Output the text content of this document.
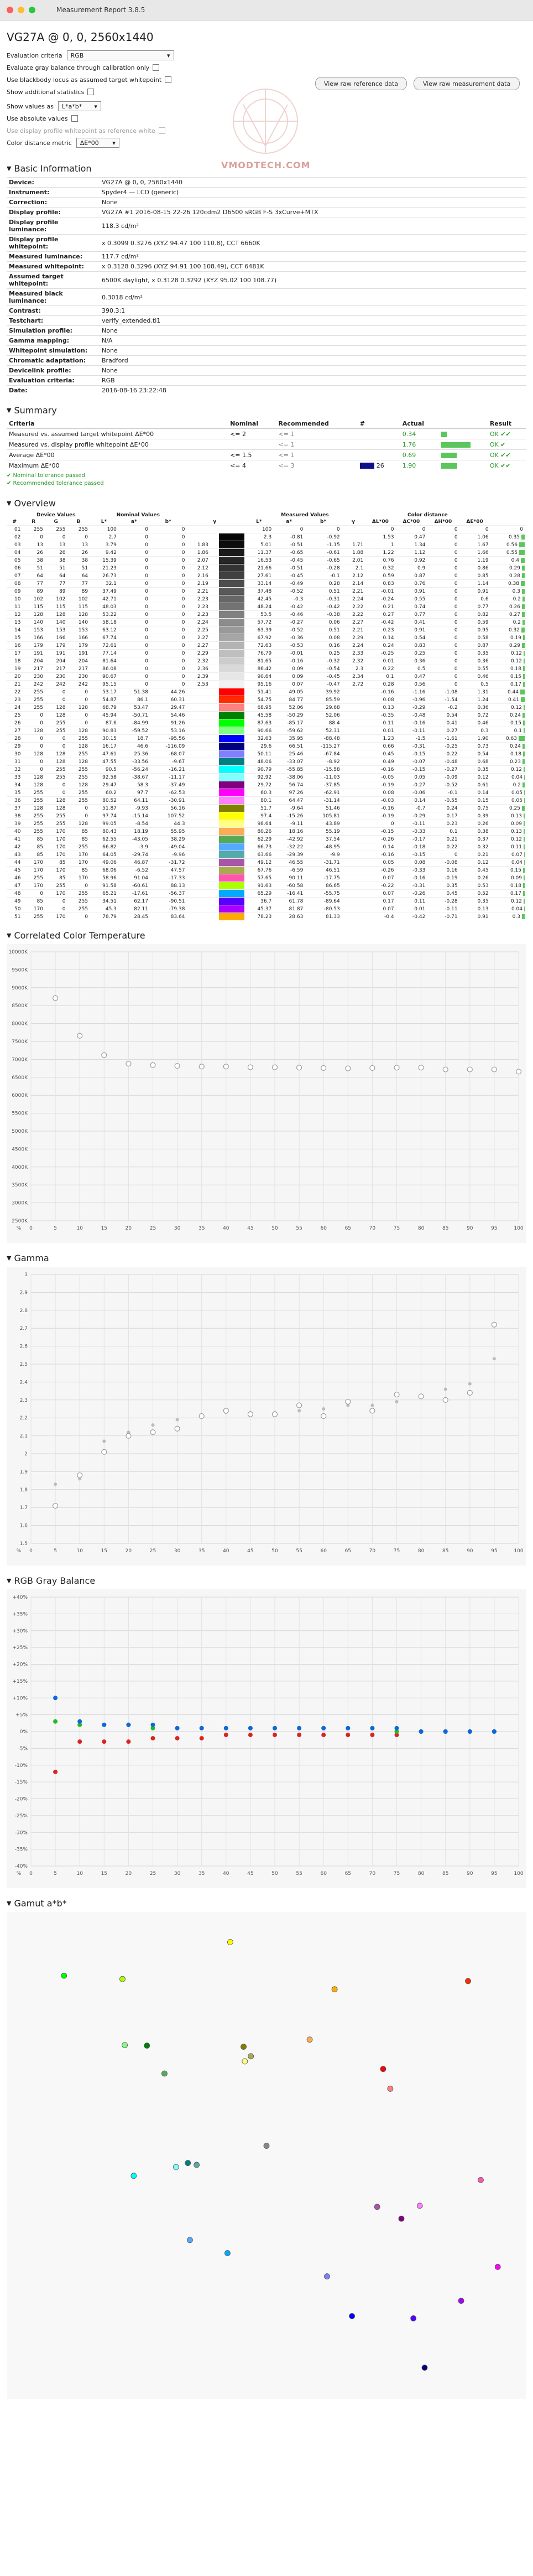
Measurement Report 3.8.5
VG27A @ 0, 0, 2560x1440
Evaluation criteria RGB	▾
Evaluate gray balance through calibration only
Use blackbody locus as assumed target whitepoint
Show additional statistics
Show values as L*a*b* ▾
Use absolute values
Use display profile whitepoint as reference white
Color distance metric ΔE*00 ▾
View raw reference data	View raw measurement data
VMODTECH.COM
▼ Basic Information
Device:	VG27A @ 0, 0, 2560x1440
Instrument:	Spyder4 — LCD (generic)
Correction:	None
Display profile:	VG27A #1 2016-08-15 22-26 120cdm2 D6500 sRGB F-S 3xCurve+MTX
Display profile luminance:	118.3 cd/m²
Display profile whitepoint:	x 0.3099 0.3276 (XYZ 94.47 100 110.8), CCT 6660K
Measured luminance:	117.7 cd/m²
Measured whitepoint:	x 0.3128 0.3296 (XYZ 94.91 100 108.49), CCT 6481K
Assumed target whitepoint:	6500K daylight, x 0.3128 0.3292 (XYZ 95.02 100 108.77)
Measured black luminance:	0.3018 cd/m²
Contrast:	390.3:1
Testchart:	verify_extended.ti1
Simulation profile:	None
Gamma mapping:	N/A
Whitepoint simulation:	None
Chromatic adaptation:	Bradford
Devicelink profile:	None
Evaluation criteria:	RGB
Date:	2016-08-16 23:22:48
▼ Summary
Criteria	Nominal	Recommended	#	Actual		Result
Measured vs. assumed target whitepoint ΔE*00	<= 2	<= 1		0.34		OK ✔✔
Measured vs. display profile whitepoint ΔE*00		<= 1		1.76		OK ✔
Average ΔE*00	<= 1.5	<= 1		0.69		OK ✔✔
Maximum ΔE*00	<= 4	<= 3	26	1.90		OK ✔✔
✔ Nominal tolerance passed
✔ Recommended tolerance passed
▼ Overview
	Device Values			Nominal Values						Measured Values				Color distance				
#	R	G	B	L*	a*	b*		γ		L*	a*	b*	γ	ΔL*00	ΔC*00	ΔH*00	ΔE*00	
01	255	255	255	100	0	0				100	0	0		0	0	0	0	0
02	0	0	0	2.7	0	0				2.3	-0.81	-0.92		1.53	0.47	0	1.06	0.35
03	13	13	13	3.79	0	0	1.83			5.01	-0.51	-1.15	1.71	1	1.34	0	1.67	0.56
04	26	26	26	9.42	0	0	1.86			11.37	-0.65	-0.61	1.88	1.22	1.12	0	1.66	0.55
05	38	38	38	15.39	0	0	2.07			16.53	-0.45	-0.65	2.01	0.76	0.92	0	1.19	0.4
06	51	51	51	21.23	0	0	2.12			21.66	-0.51	-0.28	2.1	0.32	0.9	0	0.86	0.29
07	64	64	64	26.73	0	0	2.16			27.61	-0.45	-0.1	2.12	0.59	0.87	0	0.85	0.28
08	77	77	77	32.1	0	0	2.19			33.14	-0.49	0.28	2.14	0.83	0.76	0	1.14	0.38
09	89	89	89	37.49	0	0	2.21			37.48	-0.52	0.51	2.21	-0.01	0.91	0	0.91	0.3
10	102	102	102	42.71	0	0	2.23			42.45	-0.3	-0.31	2.24	-0.24	0.55	0	0.6	0.2
11	115	115	115	48.03	0	0	2.23			48.24	-0.42	-0.42	2.22	0.21	0.74	0	0.77	0.26
12	128	128	128	53.22	0	0	2.23			53.5	-0.46	-0.38	2.22	0.27	0.77	0	0.82	0.27
13	140	140	140	58.18	0	0	2.24			57.72	-0.27	0.06	2.27	-0.42	0.41	0	0.59	0.2
14	153	153	153	63.12	0	0	2.25			63.39	-0.52	0.51	2.21	0.23	0.91	0	0.95	0.32
15	166	166	166	67.74	0	0	2.27			67.92	-0.36	0.08	2.29	0.14	0.54	0	0.58	0.19
16	179	179	179	72.61	0	0	2.27			72.63	-0.53	0.16	2.24	0.24	0.83	0	0.87	0.29
17	191	191	191	77.14	0	0	2.29			76.79	-0.01	0.25	2.33	-0.25	0.25	0	0.35	0.12
18	204	204	204	81.64	0	0	2.32			81.65	-0.16	-0.32	2.32	0.01	0.36	0	0.36	0.12
19	217	217	217	86.08	0	0	2.36			86.42	0.09	-0.54	2.3	0.22	0.5	0	0.55	0.18
20	230	230	230	90.67	0	0	2.39			90.64	0.09	-0.45	2.34	0.1	0.47	0	0.46	0.15
21	242	242	242	95.15	0	0	2.53			95.16	0.07	-0.47	2.72	0.28	0.56	0	0.5	0.17
22	255	0	0	53.17	51.38	44.26				51.41	49.05	39.92		-0.16	-1.16	-1.08	1.31	0.44
23	255	0	0	54.87	86.1	60.31				54.75	84.77	85.59		0.08	-0.96	-1.54	1.24	0.41
24	255	128	128	68.79	53.47	29.47				68.95	52.06	29.68		0.13	-0.29	-0.2	0.36	0.12
25	0	128	0	45.94	-50.71	54.46				45.58	-50.29	52.06		-0.35	-0.48	0.54	0.72	0.24
26	0	255	0	87.6	-84.99	91.26				87.63	-85.17	88.4		0.11	-0.16	0.41	0.46	0.15
27	128	255	128	90.83	-59.52	53.16				90.66	-59.62	52.31		0.01	-0.11	0.27	0.3	0.1
28	0	0	255	30.15	18.7	-95.56				32.63	35.95	-88.48		1.23	-1.5	-1.61	1.90	0.63
29	0	0	128	16.17	46.6	-116.09				29.6	66.51	-115.27		0.66	-0.31	-0.25	0.73	0.24
30	128	128	255	47.61	25.36	-68.07				50.11	25.46	-67.84		0.45	-0.15	0.22	0.54	0.18
31	0	128	128	47.55	-33.56	-9.67				48.06	-33.07	-8.92		0.49	-0.07	-0.48	0.68	0.23
32	0	255	255	90.5	-56.24	-16.21				90.79	-55.85	-15.58		-0.16	-0.15	-0.27	0.35	0.12
33	128	255	255	92.58	-38.67	-11.17				92.92	-38.06	-11.03		-0.05	0.05	-0.09	0.12	0.04
34	128	0	128	29.47	58.3	-37.49				29.72	56.74	-37.85		-0.19	-0.27	-0.52	0.61	0.2
35	255	0	255	60.2	97.7	-62.53				60.3	97.26	-62.91		0.08	-0.06	-0.1	0.14	0.05
36	255	128	255	80.52	64.11	-30.91				80.1	64.47	-31.14		-0.03	0.14	-0.55	0.15	0.05
37	128	128	0	51.87	-9.93	56.16				51.7	-9.64	51.46		-0.16	-0.7	0.24	0.75	0.25
38	255	255	0	97.74	-15.14	107.52				97.4	-15.26	105.81		-0.19	-0.29	0.17	0.39	0.13
39	255	255	128	99.05	-8.54	44.3				98.64	-9.11	43.89		0	-0.11	0.23	0.26	0.09
40	255	170	85	80.43	18.19	55.95				80.26	18.16	55.19		-0.15	-0.33	0.1	0.38	0.13
41	85	170	85	62.55	-43.05	38.29				62.29	-42.92	37.54		-0.26	-0.17	0.21	0.37	0.12
42	85	170	255	66.82	-3.9	-49.04				66.73	-32.22	-48.95		0.14	-0.18	0.22	0.32	0.11
43	85	170	170	64.05	-29.74	-9.96				63.66	-29.39	-9.9		-0.16	-0.15	0	0.21	0.07
44	170	85	170	49.06	46.87	-31.72				49.12	46.55	-31.71		0.05	0.08	-0.08	0.12	0.04
45	170	170	85	68.06	-6.52	47.57				67.76	-6.59	46.51		-0.26	-0.33	0.16	0.45	0.15
46	255	85	170	58.96	91.04	-17.33				57.65	90.11	-17.75		0.07	-0.16	-0.19	0.26	0.09
47	170	255	0	91.58	-60.61	88.13				91.63	-60.58	86.65		-0.22	-0.31	0.35	0.53	0.18
48	0	170	255	65.21	-17.61	-56.37				65.29	-16.41	-55.75		0.07	-0.26	0.45	0.52	0.17
49	85	0	255	34.51	62.17	-90.51				36.7	61.78	-89.64		0.17	0.11	-0.28	0.35	0.12
50	170	0	255	45.3	82.11	-79.38				45.37	81.87	-80.53		0.07	0.01	-0.11	0.13	0.04
51	255	170	0	78.79	28.45	83.64				78.23	28.63	81.33		-0.4	-0.42	-0.71	0.91	0.3
▼ Correlated Color Temperature
10000K
9500K
9000K
8500K
8000K
7500K
7000K
6500K
6000K
5500K
5000K
4500K
4000K
3500K
3000K
2500K
% 0	5	10	15	20	25	30	35	40	45	50	55	60	65	70	75	80	85	90	95	100
▼ Gamma
3
2.9
2.8
2.7
2.6
2.5
2.4
2.3
2.2
2.1
2
1.9
1.8
1.7
1.6
1.5
% 0	5	10	15	20	25	30	35	40	45	50	55	60	65	70	75	80	85	90	95	100
▼ RGB Gray Balance
+40%
+35%
+30%
+25%
+20%
+15%
+10%
+5%
0%
-5%
-10%
-15%
-20%
-25%
-30%
-35%
-40%
% 0	5	10	15	20	25	30	35	40	45	50	55	60	65	70	75	80	85	90	95	100
▼ Gamut a*b*
